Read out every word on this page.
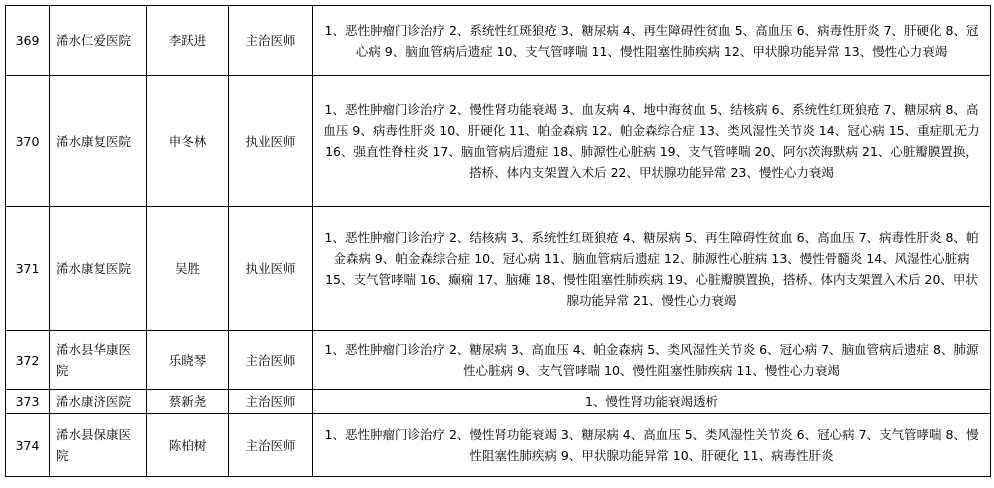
369	浠水仁爱医院	李跃进	主治医师	1、恶性肿瘤门诊治疗 2、系统性红斑狼疮 3、糖尿病 4、再生障碍性贫血 5、高血压 6、病毒性肝炎 7、肝硬化 8、冠心病 9、脑血管病后遗症 10、支气管哮喘 11、慢性阻塞性肺疾病 12、甲状腺功能异常 13、慢性心力衰竭
370	浠水康复医院	申冬林	执业医师	1、恶性肿瘤门诊治疗 2、慢性肾功能衰竭 3、血友病 4、地中海贫血 5、结核病 6、系统性红斑狼疮 7、糖尿病 8、高血压 9、病毒性肝炎 10、肝硬化 11、帕金森病 12、帕金森综合症 13、类风湿性关节炎 14、冠心病 15、重症肌无力 16、强直性脊柱炎 17、脑血管病后遗症 18、肺源性心脏病 19、支气管哮喘 20、阿尔茨海默病 21、心脏瓣膜置换，搭桥、体内支架置入术后 22、甲状腺功能异常 23、慢性心力衰竭
371	浠水康复医院	吴胜	执业医师	1、恶性肿瘤门诊治疗 2、结核病 3、系统性红斑狼疮 4、糖尿病 5、再生障碍性贫血 6、高血压 7、病毒性肝炎 8、帕金森病 9、帕金森综合症 10、冠心病 11、脑血管病后遗症 12、肺源性心脏病 13、慢性骨髓炎 14、风湿性心脏病 15、支气管哮喘 16、癫痫 17、脑瘫 18、慢性阻塞性肺疾病 19、心脏瓣膜置换，搭桥、体内支架置入术后 20、甲状腺功能异常 21、慢性心力衰竭
372	浠水县华康医院	乐晓琴	主治医师	1、恶性肿瘤门诊治疗 2、糖尿病 3、高血压 4、帕金森病 5、类风湿性关节炎 6、冠心病 7、脑血管病后遗症 8、肺源性心脏病 9、支气管哮喘 10、慢性阻塞性肺疾病 11、慢性心力衰竭
373	浠水康济医院	蔡新尧	主治医师	1、慢性肾功能衰竭透析
374	浠水县保康医院	陈柏树	主治医师	1、恶性肿瘤门诊治疗 2、慢性肾功能衰竭 3、糖尿病 4、高血压 5、类风湿性关节炎 6、冠心病 7、支气管哮喘 8、慢性阻塞性肺疾病 9、甲状腺功能异常 10、肝硬化 11、病毒性肝炎
